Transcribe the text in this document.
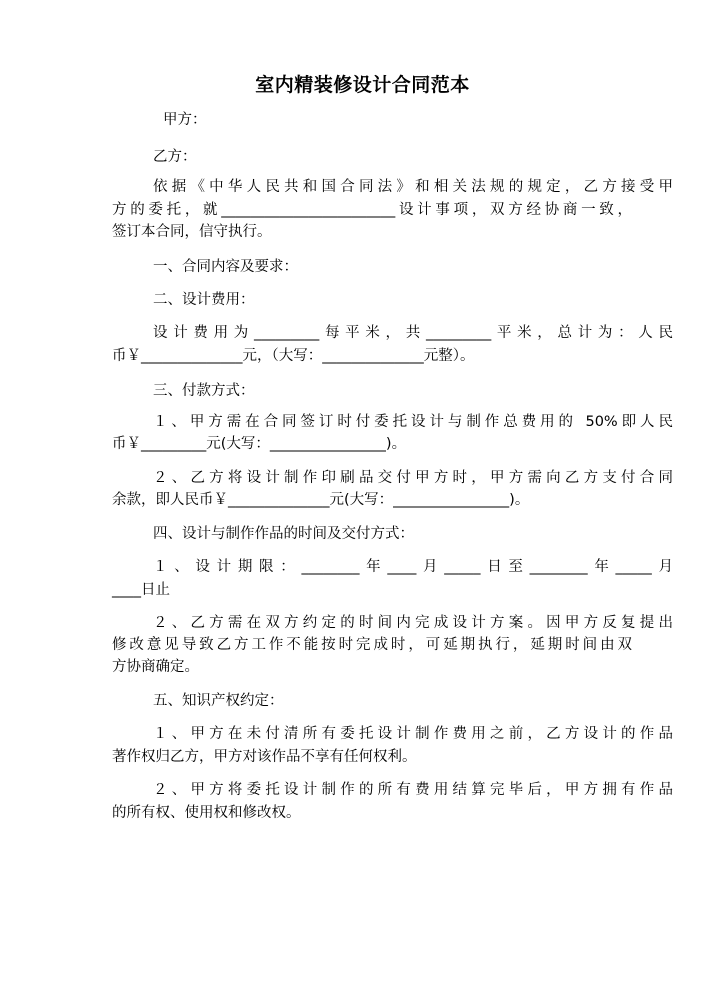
室内精装修设计合同范本
甲方：
乙方：
依据《中华人民共和国合同法》和相关法规的规定，乙方接受甲
方的委托，就________________________设计事项，双方经协商一致，
签订本合同，信守执行。
一、合同内容及要求：
二、设计费用：
设计费用为_________每平米，共_________平米，总计为：人民
币￥______________元，（大写：______________元整）。
三、付款方式：
１、甲方需在合同签订时付委托设计与制作总费用的 50%即人民
币￥_________元(大写：________________)。
２、乙方将设计制作印刷品交付甲方时，甲方需向乙方支付合同
余款，即人民币￥______________元(大写：________________)。
四、设计与制作作品的时间及交付方式：
１、设计期限：________年____月_____日至________年_____月
____日止
２、乙方需在双方约定的时间内完成设计方案。因甲方反复提出
修改意见导致乙方工作不能按时完成时，可延期执行，延期时间由双
方协商确定。
五、知识产权约定：
１、甲方在未付清所有委托设计制作费用之前，乙方设计的作品
著作权归乙方，甲方对该作品不享有任何权利。
２、甲方将委托设计制作的所有费用结算完毕后，甲方拥有作品
的所有权、使用权和修改权。
